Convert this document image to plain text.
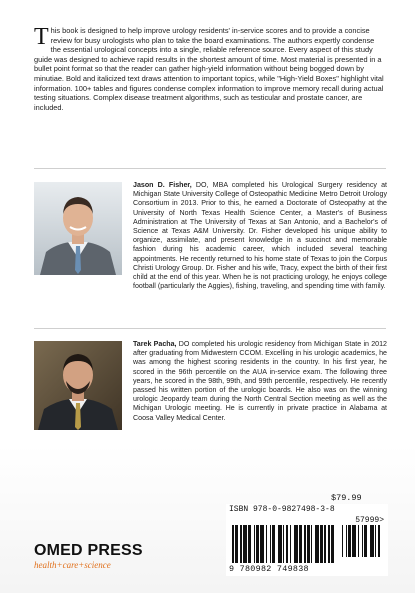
This book is designed to help improve urology residents' in-service scores and to provide a concise review for busy urologists who plan to take the board examinations. The authors expertly condense the essential urological concepts into a single, reliable reference source. Every aspect of this study guide was designed to achieve rapid results in the shortest amount of time. Most material is presented in a bullet point format so that the reader can gather high-yield information without being bogged down by minutiae. Bold and italicized text draws attention to important topics, while "High-Yield Boxes" highlight vital information. 100+ tables and figures condense complex information to improve memory recall during actual testing situations. Complex disease treatment algorithms, such as testicular and prostate cancer, are included.
Jason D. Fisher, DO, MBA completed his Urological Surgery residency at Michigan State University College of Osteopathic Medicine Metro Detroit Urology Consortium in 2013. Prior to this, he earned a Doctorate of Osteopathy at the University of North Texas Health Science Center, a Master's of Business Administration at The University of Texas at San Antonio, and a Bachelor's of Science at Texas A&M University. Dr. Fisher developed his unique ability to organize, assimilate, and present knowledge in a succinct and memorable fashion during his academic career, which included several teaching appointments. He recently returned to his home state of Texas to join the Corpus Christi Urology Group. Dr. Fisher and his wife, Tracy, expect the birth of their first child at the end of this year. When he is not practicing urology, he enjoys college football (particularly the Aggies), fishing, traveling, and spending time with family.
Tarek Pacha, DO completed his urologic residency from Michigan State in 2012 after graduating from Midwestern CCOM. Excelling in his urologic academics, he was among the highest scoring residents in the country. In his first year, he scored in the 96th percentile on the AUA in-service exam. The following three years, he scored in the 98th, 99th, and 99th percentile, respectively. He recently passed his written portion of the urologic boards. He also was on the winning urologic Jeopardy team during the North Central Section meeting as well as the Michigan Urologic meeting. He is currently in private practice in Alabama at Coosa Valley Medical Center.
OMED PRESS
health+care+science
$79.99
ISBN 978-0-9827498-3-8
57999>
9 780982 749838
